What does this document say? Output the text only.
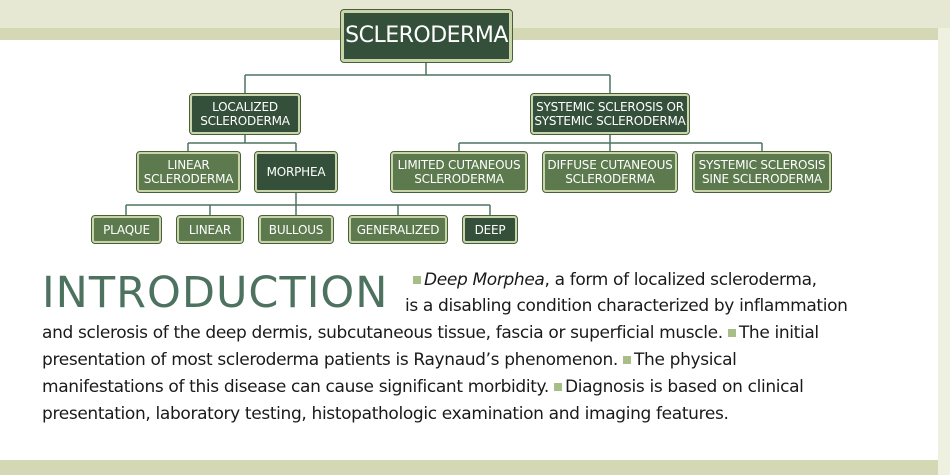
SCLERODERMA
LOCALIZED
SCLERODERMA
SYSTEMIC SCLEROSIS OR
SYSTEMIC SCLERODERMA
LINEAR
SCLERODERMA	MORPHEA	LIMITED CUTANEOUS
SCLERODERMA
DIFFUSE CUTANEOUS
SCLERODERMA
SYSTEMIC SCLEROSIS
SINE SCLERODERMA
PLAQUE	LINEAR	BULLOUS	GENERALIZED	DEEP
INTRODUCTION	Deep Morphea, a form of localized scleroderma,
is a disabling condition characterized by inflammation
and sclerosis of the deep dermis, subcutaneous tissue, fascia or superficial muscle. The initial
presentation of most scleroderma patients is Raynaud’s phenomenon. The physical
manifestations of this disease can cause significant morbidity. Diagnosis is based on clinical
presentation, laboratory testing, histopathologic examination and imaging features.
